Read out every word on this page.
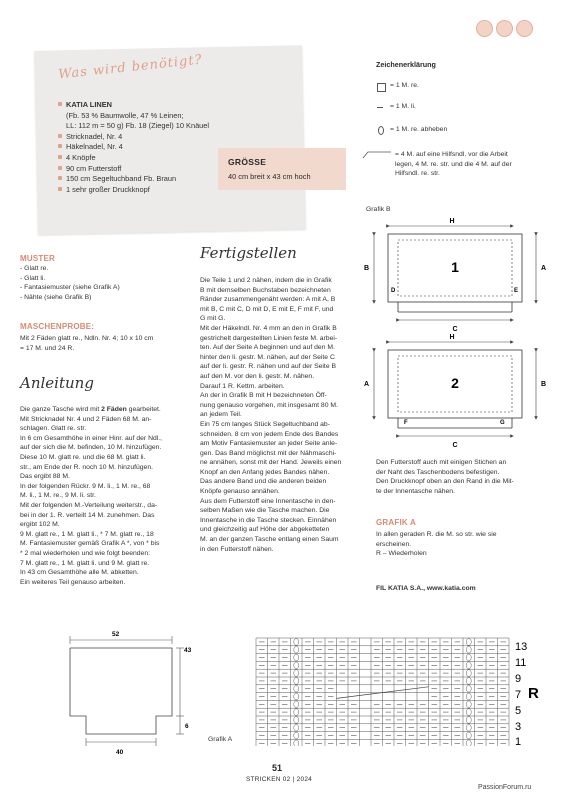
Was wird benötigt?
KATIA LINEN
(Fb. 53 % Baumwolle, 47 % Leinen;
LL: 112 m = 50 g) Fb. 18 (Ziegel) 10 Knäuel
Stricknadel, Nr. 4
Häkelnadel, Nr. 4
4 Knöpfe
90 cm Futterstoff
150 cm Segeltuchband Fb. Braun
1 sehr großer Druckknopf
GRÖSSE
40 cm breit x 43 cm hoch
Zeichenerklärung
= 1 M. re.
= 1 M. li.
= 1 M. re. abheben
= 4 M. auf eine Hilfsndl. vor die Arbeit
legen, 4 M. re. str. und die 4 M. auf der
Hilfsndl. re. str.
Grafik B
H
1
B	A
D	E
C
H
2
A	B
F	G
C
MUSTER
- Glatt re.
- Glatt li.
- Fantasiemuster (siehe Grafik A)
- Nähte (siehe Grafik B)
MASCHENPROBE:
Mit 2 Fäden glatt re., Ndln. Nr. 4; 10 x 10 cm
= 17 M. und 24 R.
Anleitung
Die ganze Tasche wird mit 2 Fäden gearbeitet.
Mit Stricknadel Nr. 4 und 2 Fäden 68 M. an-
schlagen. Glatt re. str.
In 6 cm Gesamthöhe in einer Hinr. auf der Ndl.,
auf der sich die M. befinden, 10 M. hinzufügen.
Diese 10 M. glatt re. und die 68 M. glatt li.
str., am Ende der R. noch 10 M. hinzufügen.
Das ergibt 88 M.
In der folgenden Rückr. 9 M. li., 1 M. re., 68
M. li., 1 M. re., 9 M. li. str.
Mit der folgenden M.-Verteilung weiterstr., da-
bei in der 1. R. verteilt 14 M. zunehmen. Das
ergibt 102 M.
9 M. glatt re., 1 M. glatt li., * 7 M. glatt re., 18
M. Fantasiemuster gemäß Grafik A *, von * bis
* 2 mal wiederholen und wie folgt beenden:
7 M. glatt re., 1 M. glatt li. und 9 M. glatt re.
In 43 cm Gesamthöhe alle M. abketten.
Ein weiteres Teil genauso arbeiten.
Fertigstellen
Die Teile 1 und 2 nähen, indem die in Grafik
B mit demselben Buchstaben bezeichneten
Ränder zusammengenäht werden: A mit A, B
mit B, C mit C, D mit D, E mit E, F mit F, und
G mit G.
Mit der Häkelndl. Nr. 4 mm an den in Grafik B
gestrichelt dargestellten Linien feste M. arbei-
ten. Auf der Seite A beginnen und auf den M.
hinter den li. gestr. M. nähen, auf der Seite C
auf der li. gestr. R. nähen und auf der Seite B
auf den M. vor den li. gestr. M. nähen.
Darauf 1 R. Kettm. arbeiten.
An der in Grafik B mit H bezeichneten Öff-
nung genauso vorgehen, mit insgesamt 80 M.
an jedem Teil.
Ein 75 cm langes Stück Segeltuchband ab-
schneiden. 8 cm von jedem Ende des Bandes
am Motiv Fantasiemuster an jeder Seite anle-
gen. Das Band möglichst mit der Nähmaschi-
ne annähen, sonst mit der Hand. Jeweils einen
Knopf an den Anfang jedes Bandes nähen.
Das andere Band und die anderen beiden
Knöpfe genauso annähen.
Aus dem Futterstoff eine Innentasche in den-
selben Maßen wie die Tasche machen. Die
Innentasche in die Tasche stecken. Einnähen
und gleichzeitig auf Höhe der abgeketteten
M. an der ganzen Tasche entlang einen Saum
in den Futterstoff nähen.
Den Futterstoff auch mit einigen Stichen an
der Naht des Taschenbodens befestigen.
Den Druckknopf oben an den Rand in die Mit-
te der Innentasche nähen.
GRAFIK A
In allen geraden R. die M. so str. wie sie
erscheinen.
R – Wiederholen
FIL KATIA S.A., www.katia.com
52
43
6
40
Grafik A
13
11
9
7
5
3
1
R
51
STRICKEN 02 | 2024
PassionForum.ru
